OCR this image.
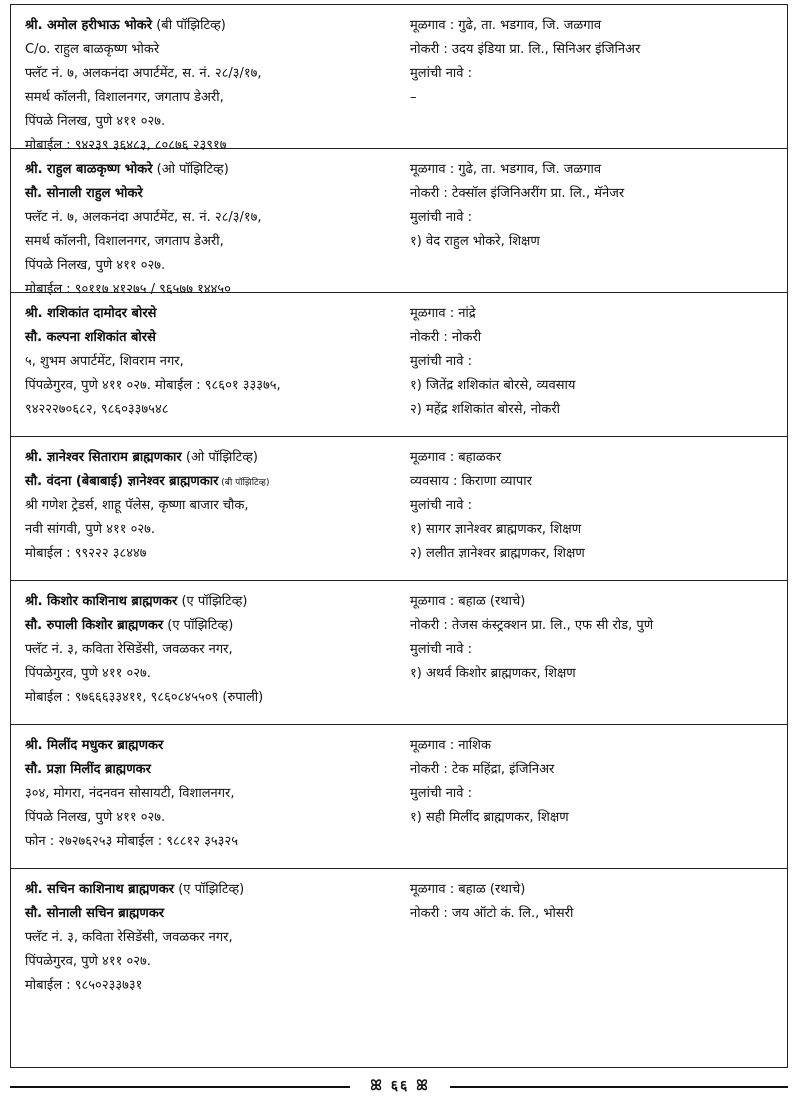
श्री. अमोल हरीभाऊ भोकरे (बी पॉझिटिव्ह)
C/o. राहुल बाळकृष्ण भोकरे
फ्लॅट नं. ७, अलकनंदा अपार्टमेंट, स. नं. २८/३/१७,
समर्थ कॉलनी, विशालनगर, जगताप डेअरी,
पिंपळे निलख, पुणे ४११ ०२७.
मोबाईल : ९४२३९ ३६४८३, ८०८७६ २३९१७
मूळगाव : गुढे, ता. भडगाव, जि. जळगाव
नोकरी : उदय इंडिया प्रा. लि., सिनिअर इंजिनिअर
मुलांची नावे :
–
श्री. राहुल बाळकृष्ण भोकरे (ओ पॉझिटिव्ह)
सौ. सोनाली राहुल भोकरे
फ्लॅट नं. ७, अलकनंदा अपार्टमेंट, स. नं. २८/३/१७,
समर्थ कॉलनी, विशालनगर, जगताप डेअरी,
पिंपळे निलख, पुणे ४११ ०२७.
मोबाईल : ९०११७ ४१२७५ / ९६५७७ १४४५०
मूळगाव : गुढे, ता. भडगाव, जि. जळगाव
नोकरी : टेक्सॉल इंजिनिअरींग प्रा. लि., मॅनेजर
मुलांची नावे :
१) वेद राहुल भोकरे, शिक्षण
श्री. शशिकांत दामोदर बोरसे
सौ. कल्पना शशिकांत बोरसे
५, शुभम अपार्टमेंट, शिवराम नगर,
पिंपळेगुरव, पुणे ४११ ०२७. मोबाईल : ९८६०१ ३३३७५,
९४२२२७०६८२, ९८६०३३७५४८
मूळगाव : नांद्रे
नोकरी : नोकरी
मुलांची नावे :
१) जितेंद्र शशिकांत बोरसे, व्यवसाय
२) महेंद्र शशिकांत बोरसे, नोकरी
श्री. ज्ञानेश्वर सिताराम ब्राह्मणकार (ओ पॉझिटिव्ह)
सौ. वंदना (बेबाबाई) ज्ञानेश्वर ब्राह्मणकार (बी पॉझिटिव्ह)
श्री गणेश ट्रेडर्स, शाहू पॅलेस, कृष्णा बाजार चौक,
नवी सांगवी, पुणे ४११ ०२७.
मोबाईल : ९९२२२ ३८४४७
मूळगाव : बहाळकर
व्यवसाय : किराणा व्यापार
मुलांची नावे :
१) सागर ज्ञानेश्वर ब्राह्मणकर, शिक्षण
२) ललीत ज्ञानेश्वर ब्राह्मणकर, शिक्षण
श्री. किशोर काशिनाथ ब्राह्मणकर (ए पॉझिटिव्ह)
सौ. रुपाली किशोर ब्राह्मणकर (ए पॉझिटिव्ह)
फ्लॅट नं. ३, कविता रेसिडेंसी, जवळकर नगर,
पिंपळेगुरव, पुणे ४११ ०२७.
मोबाईल : ९७६६६३३४११, ९८६०८४५५०९ (रुपाली)
मूळगाव : बहाळ (रथाचे)
नोकरी : तेजस कंस्ट्रक्शन प्रा. लि., एफ सी रोड, पुणे
मुलांची नावे :
१) अथर्व किशोर ब्राह्मणकर, शिक्षण
श्री. मिलींद मधुकर ब्राह्मणकर
सौ. प्रज्ञा मिलींद ब्राह्मणकर
३०४, मोगरा, नंदनवन सोसायटी, विशालनगर,
पिंपळे निलख, पुणे ४११ ०२७.
फोन : २७२७६२५३ मोबाईल : ९८८१२ ३५३२५
मूळगाव : नाशिक
नोकरी : टेक महिंद्रा, इंजिनिअर
मुलांची नावे :
१) सही मिलींद ब्राह्मणकर, शिक्षण
श्री. सचिन काशिनाथ ब्राह्मणकर (ए पॉझिटिव्ह)
सौ. सोनाली सचिन ब्राह्मणकर
फ्लॅट नं. ३, कविता रेसिडेंसी, जवळकर नगर,
पिंपळेगुरव, पुणे ४११ ०२७.
मोबाईल : ९८५०२३३७३१
मूळगाव : बहाळ (रथाचे)
नोकरी : जय ऑटो कं. लि., भोसरी
ꕤ ६६ ꕤ
